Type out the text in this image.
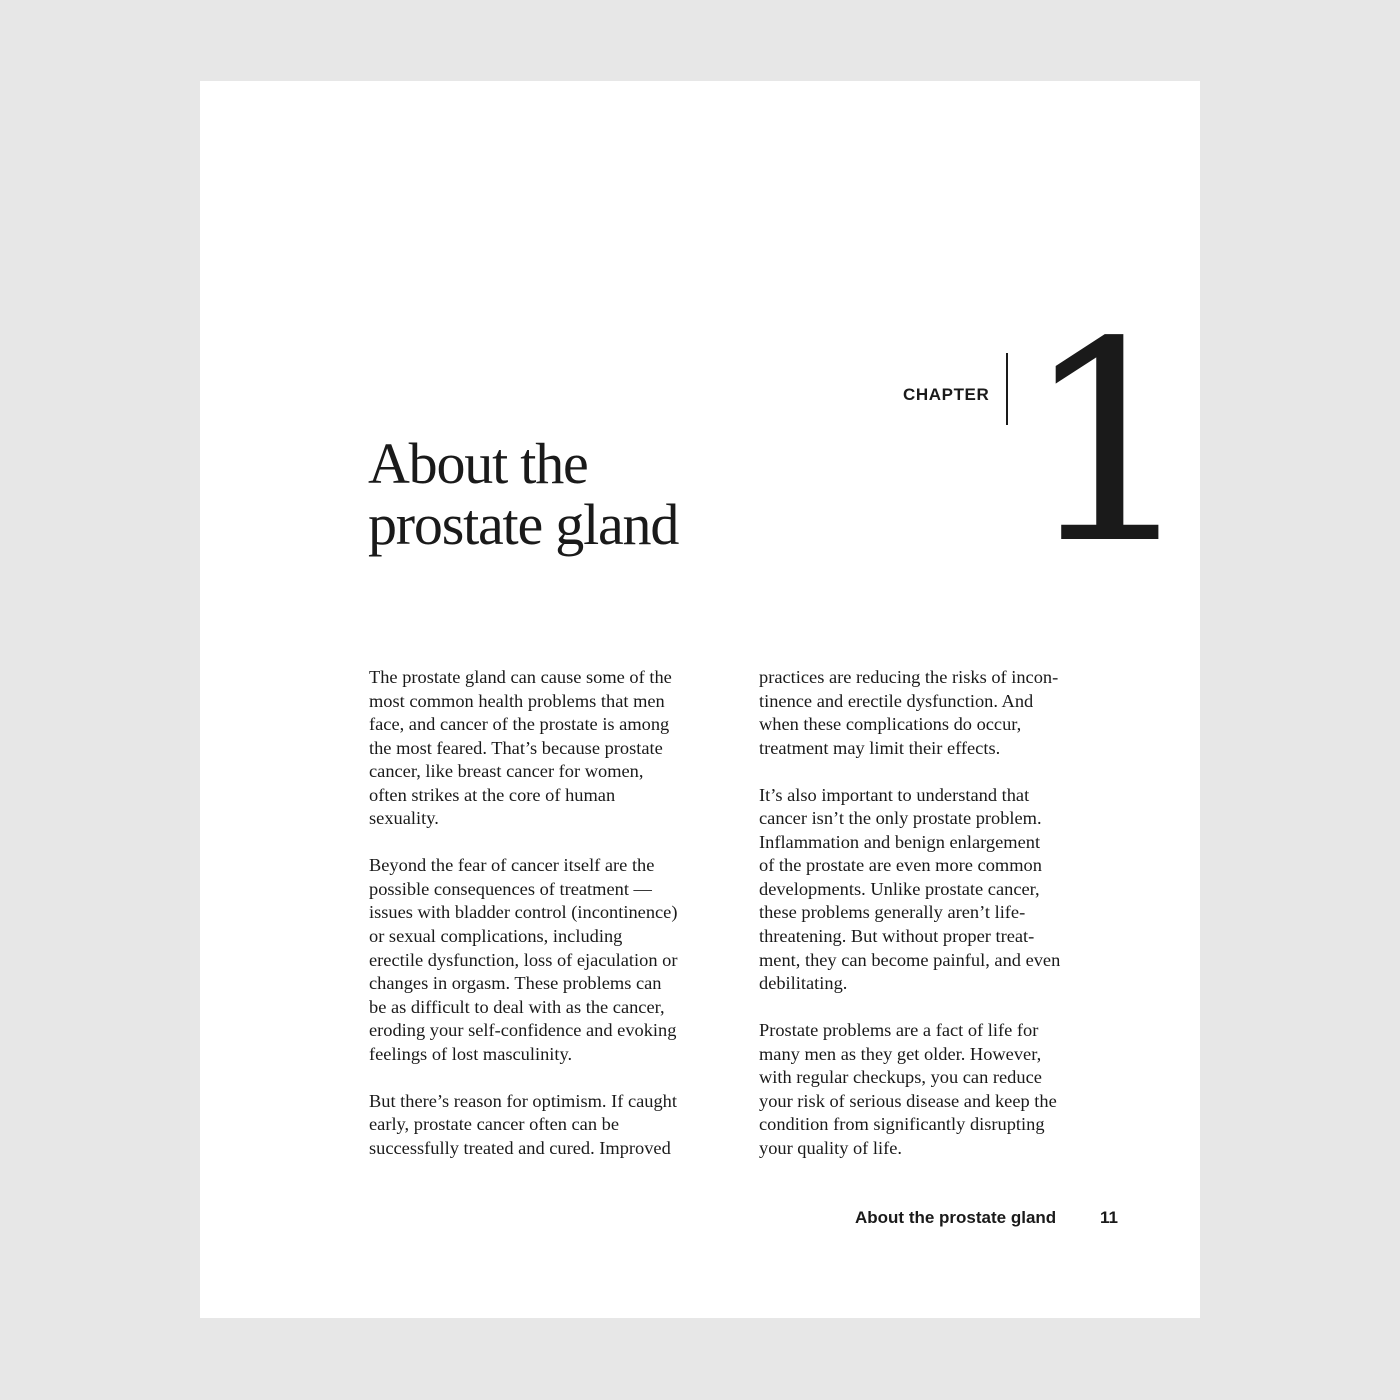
CHAPTER 1
About the
prostate gland

The prostate gland can cause some of the
most common health problems that men
face, and cancer of the prostate is among
the most feared. That’s because prostate
cancer, like breast cancer for women,
often strikes at the core of human
sexuality.

Beyond the fear of cancer itself are the
possible consequences of treatment —
issues with bladder control (incontinence)
or sexual complications, including
erectile dysfunction, loss of ejaculation or
changes in orgasm. These problems can
be as difficult to deal with as the cancer,
eroding your self-confidence and evoking
feelings of lost masculinity.

But there’s reason for optimism. If caught
early, prostate cancer often can be
successfully treated and cured. Improved

practices are reducing the risks of incon-
tinence and erectile dysfunction. And
when these complications do occur,
treatment may limit their effects.

It’s also important to understand that
cancer isn’t the only prostate problem.
Inflammation and benign enlargement
of the prostate are even more common
developments. Unlike prostate cancer,
these problems generally aren’t life-
threatening. But without proper treat-
ment, they can become painful, and even
debilitating.

Prostate problems are a fact of life for
many men as they get older. However,
with regular checkups, you can reduce
your risk of serious disease and keep the
condition from significantly disrupting
your quality of life.

About the prostate gland	11
